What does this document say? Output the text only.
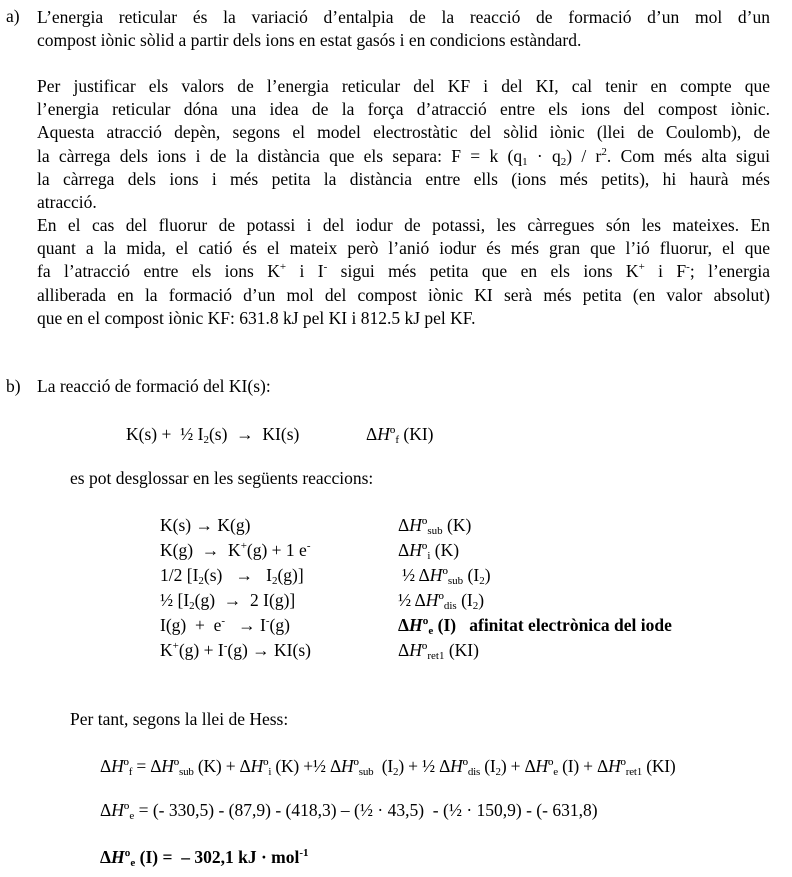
a) L’energia reticular és la variació d’entalpia de la reacció de formació d’un mol d’un
compost iònic sòlid a partir dels ions en estat gasós i en condicions estàndard.
Per justificar els valors de l’energia reticular del KF i del KI, cal tenir en compte que
l’energia reticular dóna una idea de la força d’atracció entre els ions del compost iònic.
Aquesta atracció depèn, segons el model electrostàtic del sòlid iònic (llei de Coulomb), de
la càrrega dels ions i de la distància que els separa: F = k $(q_1 \cdot q_2) / r^2$. Com més alta sigui
la càrrega dels ions i més petita la distància entre ells (ions més petits), hi haurà més
atracció.
En el cas del fluorur de potassi i del iodur de potassi, les càrregues són les mateixes. En
quant a la mida, el catió és el mateix però l’anió iodur és més gran que l’ió fluorur, el que
fa l’atracció entre els ions K+ i I- sigui més petita que en els ions K+ i F-; l’energia
alliberada en la formació d’un mol del compost iònic KI serà més petita (en valor absolut)
que en el compost iònic KF: 631.8 kJ pel KI i 812.5 kJ pel KF.
b) La reacció de formació del KI(s):
K(s) +  ½ $I_2(s) \to KI(s)$	ΔHº$_f$ (KI)
es pot desglossar en les següents reaccions:
K(s) → K(g)	ΔHº$_{sub}$ (K)
K(g)  →  K+(g) + 1 e-	ΔHº$_i$ (K)
1/2 $[I_2(s) \to I_2(g)]$	½ ΔHº$_{sub}$ $(I_2)$
½ [$I_2(g) \to 2$ I(g)]	½ ΔHº$_{dis}$ $(I_2)$
I(g)  +  e-   → I-(g)	ΔHº$_e$ (I)   afinitat electrònica del iode
K+(g) + I-(g) → KI(s)	ΔHº$_{ret1}$ (KI)
Per tant, segons la llei de Hess:
ΔHº$_f$ = ΔHº$_{sub}$ (K) + ΔHº$_i$ (K) +½ ΔHº$_{sub}$  $(I_2)$ + ½ ΔHº$_{dis}$ $(I_2)$ + ΔHº$_e$ (I) + ΔHº$_{ret1}$ (KI)
ΔHº$_e$ = (- 330,5) - (87,9) - (418,3) – (½ · 43,5)  - (½ · 150,9) - (- 631,8)
ΔHº$_e$ (I) =  – 302,1 kJ · mol$^{-1}$
